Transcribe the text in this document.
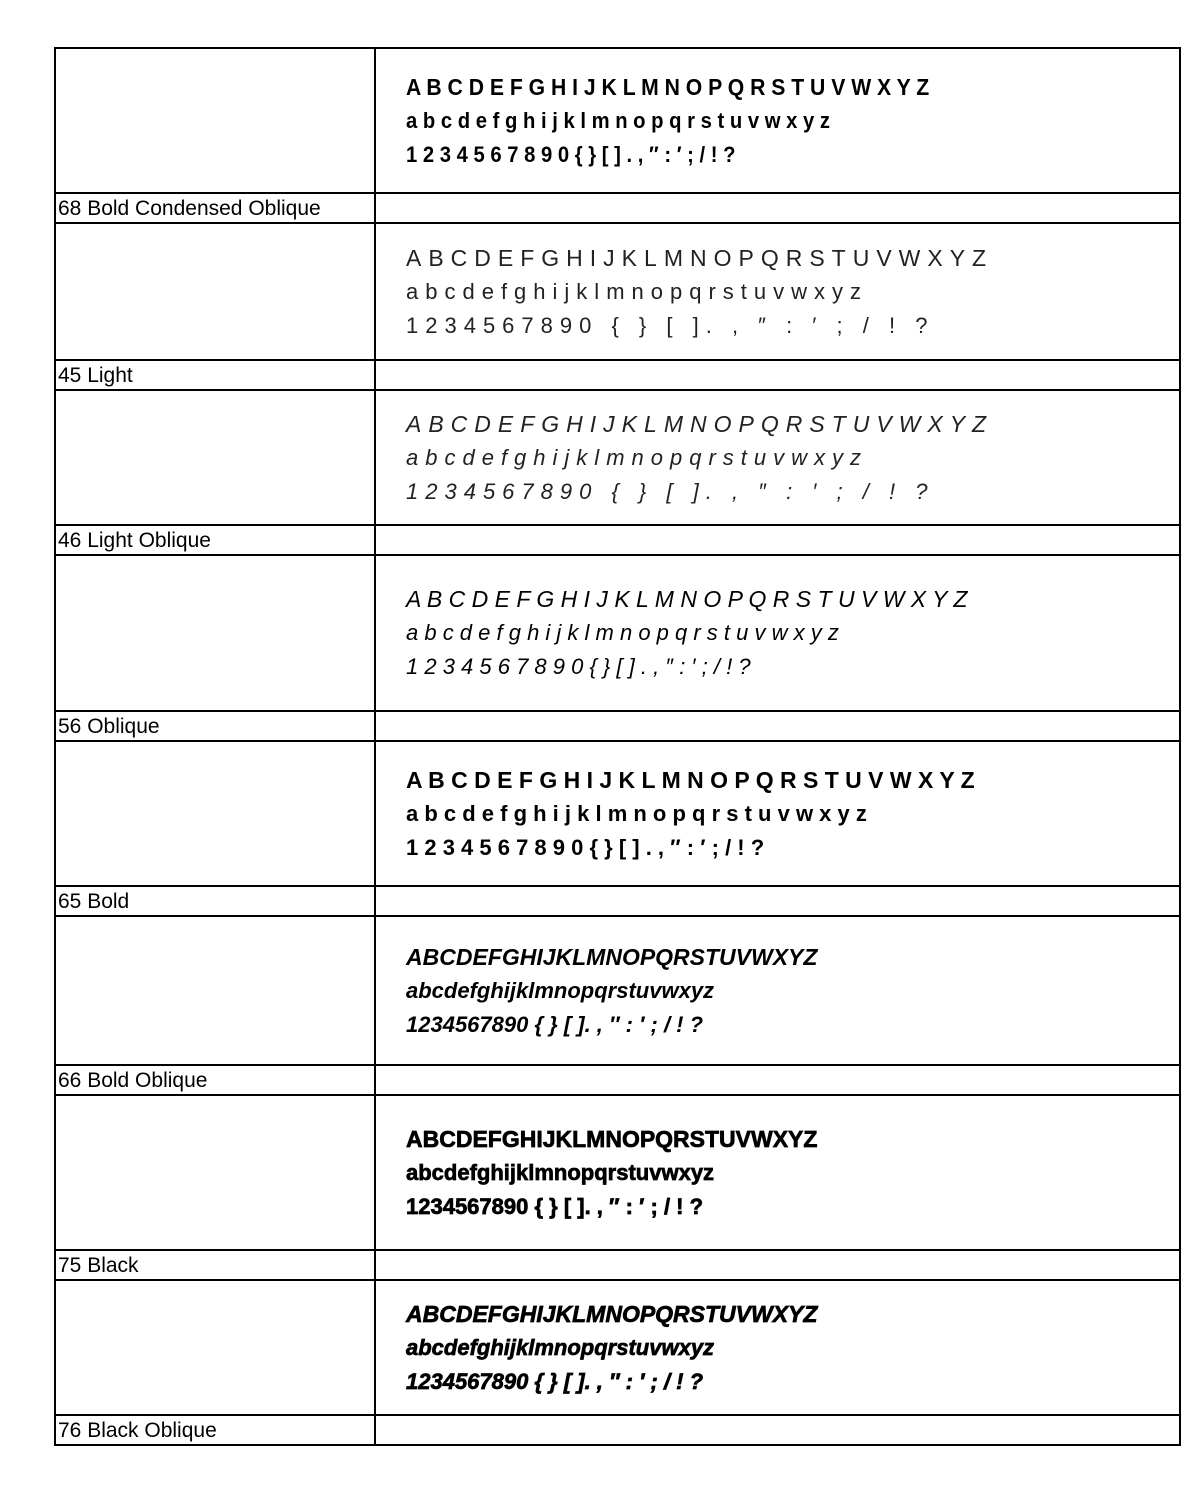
	A B C D E F G H I J K L M N O P Q R S T U V W X Y Z
a b c d e f g h i j k l m n o p q r s t u v w x y z
1 2 3 4 5 6 7 8 9 0 { } [ ] . , ″ : ′ ; / ! ?

68 Bold Condensed Oblique	

	ABCDEFGHIJKLMNOPQRSTUVWXYZ
abcdefghijklmnopqrstuvwxyz
1234567890 { } [ ]. , ″ : ′ ; / ! ?

45 Light	

	ABCDEFGHIJKLMNOPQRSTUVWXYZ
abcdefghijklmnopqrstuvwxyz
1234567890 { } [ ]. , ″ : ′ ; / ! ?

46 Light Oblique	

	A B C D E F G H I J K L M N O P Q R S T U V W X Y Z
a b c d e f g h i j k l m n o p q r s t u v w x y z
1 2 3 4 5 6 7 8 9 0 { } [ ] . , ″ : ′ ; / ! ?

56 Oblique	

	A B C D E F G H I J K L M N O P Q R S T U V W X Y Z
a b c d e f g h i j k l m n o p q r s t u v w x y z
1 2 3 4 5 6 7 8 9 0 { } [ ] . , ″ : ′ ; / ! ?

65 Bold	

	ABCDEFGHIJKLMNOPQRSTUVWXYZ
abcdefghijklmnopqrstuvwxyz
1234567890 { } [ ]. , ″ : ′ ; / ! ?

66 Bold Oblique	

	ABCDEFGHIJKLMNOPQRSTUVWXYZ
abcdefghijklmnopqrstuvwxyz
1234567890 { } [ ]. , ″ : ′ ; / ! ?

75 Black	

	ABCDEFGHIJKLMNOPQRSTUVWXYZ
abcdefghijklmnopqrstuvwxyz
1234567890 { } [ ]. , ″ : ′ ; / ! ?

76 Black Oblique	
